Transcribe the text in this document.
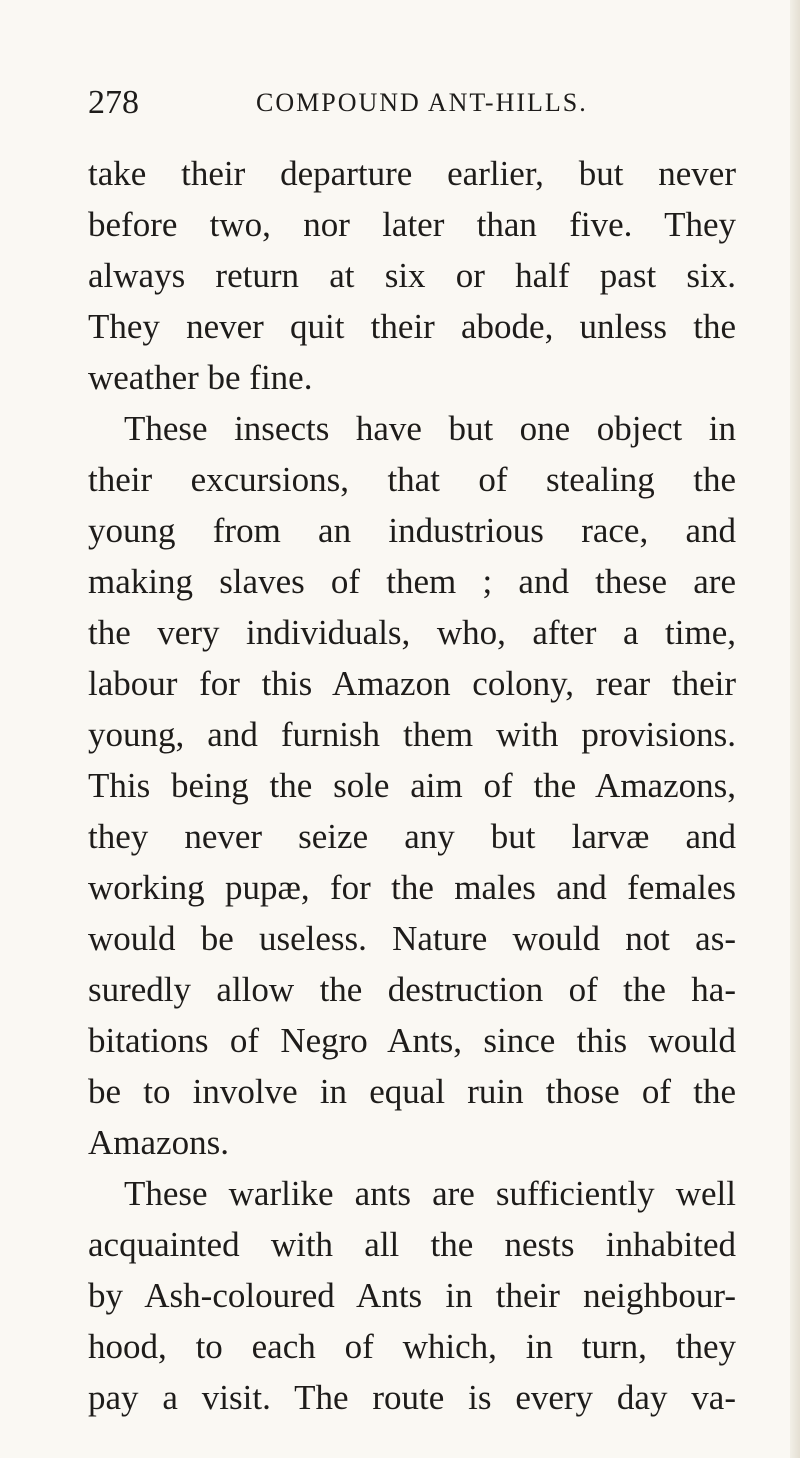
278	COMPOUND ANT-HILLS.
take their departure earlier, but never
before two, nor later than five. They
always return at six or half past six.
They never quit their abode, unless the
weather be fine.
These insects have but one object in
their excursions, that of stealing the
young from an industrious race, and
making slaves of them ; and these are
the very individuals, who, after a time,
labour for this Amazon colony, rear their
young, and furnish them with provisions.
This being the sole aim of the Amazons,
they never seize any but larvæ and
working pupæ, for the males and females
would be useless. Nature would not as-
suredly allow the destruction of the ha-
bitations of Negro Ants, since this would
be to involve in equal ruin those of the
Amazons.
These warlike ants are sufficiently well
acquainted with all the nests inhabited
by Ash-coloured Ants in their neighbour-
hood, to each of which, in turn, they
pay a visit. The route is every day va-
